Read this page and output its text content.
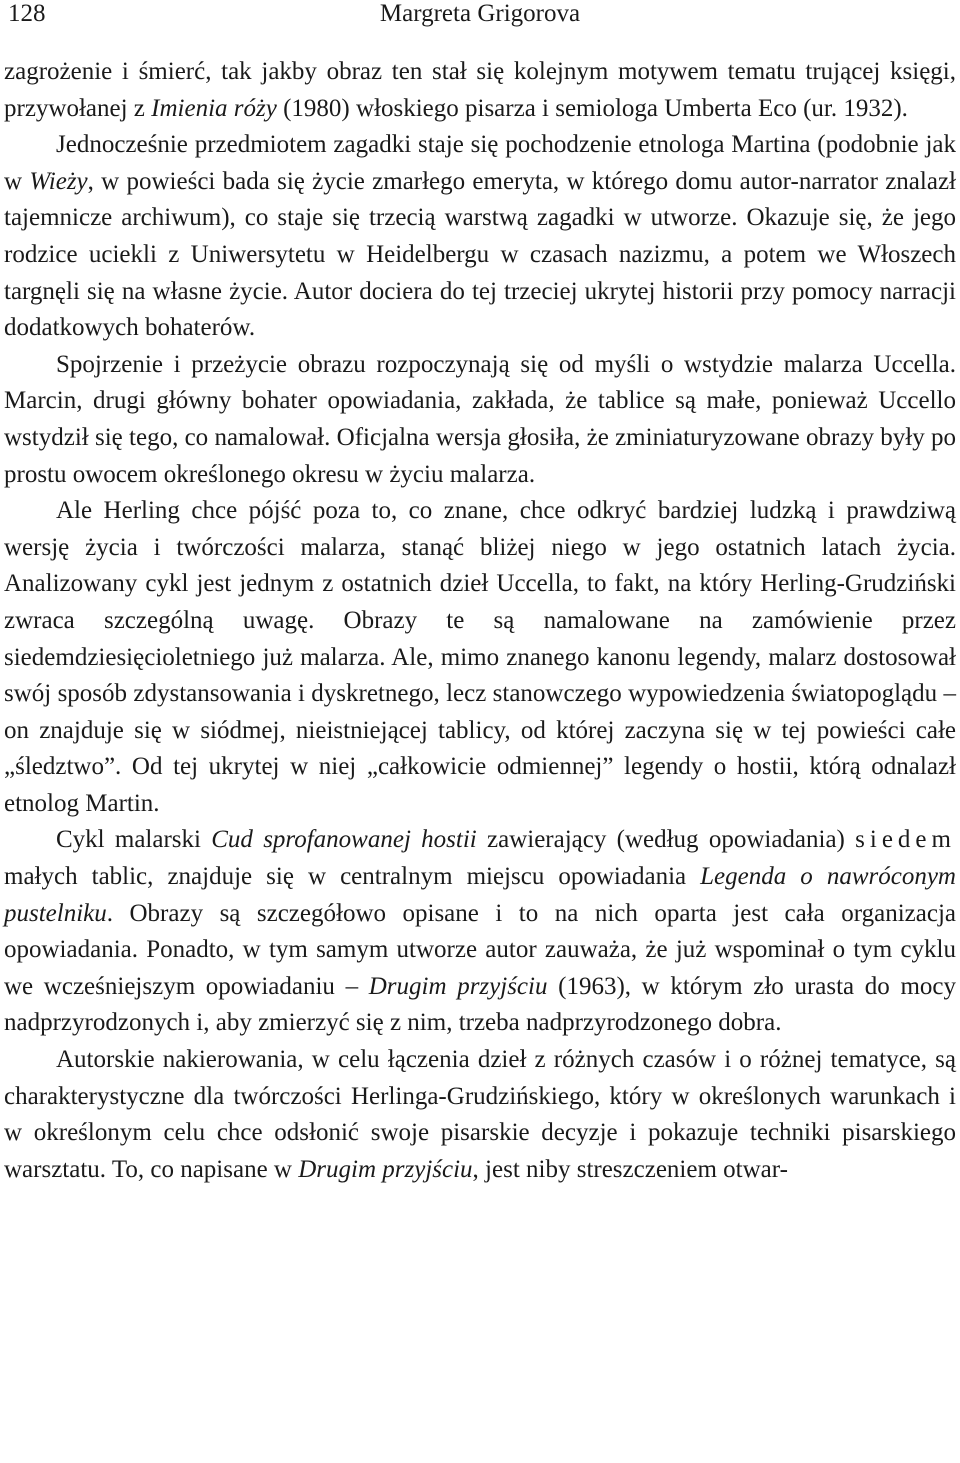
128	Margreta Grigorova

zagrożenie i śmierć, tak jakby obraz ten stał się kolejnym motywem tematu trującej księgi, przywołanej z Imienia róży (1980) włoskiego pisarza i semiologa Umberta Eco (ur. 1932).

Jednocześnie przedmiotem zagadki staje się pochodzenie etnologa Martina (podobnie jak w Wieży, w powieści bada się życie zmarłego emeryta, w którego domu autor-narrator znalazł tajemnicze archiwum), co staje się trzecią warstwą zagadki w utworze. Okazuje się, że jego rodzice uciekli z Uniwersytetu w Heidelbergu w czasach nazizmu, a potem we Włoszech targnęli się na własne życie. Autor dociera do tej trzeciej ukrytej historii przy pomocy narracji dodatkowych bohaterów.

Spojrzenie i przeżycie obrazu rozpoczynają się od myśli o wstydzie malarza Uccella. Marcin, drugi główny bohater opowiadania, zakłada, że tablice są małe, ponieważ Uccello wstydził się tego, co namalował. Oficjalna wersja głosiła, że zminiaturyzowane obrazy były po prostu owocem określonego okresu w życiu malarza.

Ale Herling chce pójść poza to, co znane, chce odkryć bardziej ludzką i prawdziwą wersję życia i twórczości malarza, stanąć bliżej niego w jego ostatnich latach życia. Analizowany cykl jest jednym z ostatnich dzieł Uccella, to fakt, na który Herling-Grudziński zwraca szczególną uwagę. Obrazy te są namalowane na zamówienie przez siedemdziesięcioletniego już malarza. Ale, mimo znanego kanonu legendy, malarz dostosował swój sposób zdystansowania i dyskretnego, lecz stanowczego wypowiedzenia światopoglądu – on znajduje się w siódmej, nieistniejącej tablicy, od której zaczyna się w tej powieści całe „śledztwo”. Od tej ukrytej w niej „całkowicie odmiennej” legendy o hostii, którą odnalazł etnolog Martin.

Cykl malarski Cud sprofanowanej hostii zawierający (według opowiadania) siedem małych tablic, znajduje się w centralnym miejscu opowiadania Legenda o nawróconym pustelniku. Obrazy są szczegółowo opisane i to na nich oparta jest cała organizacja opowiadania. Ponadto, w tym samym utworze autor zauważa, że już wspominał o tym cyklu we wcześniejszym opowiadaniu – Drugim przyjściu (1963), w którym zło urasta do mocy nadprzyrodzonych i, aby zmierzyć się z nim, trzeba nadprzyrodzonego dobra.

Autorskie nakierowania, w celu łączenia dzieł z różnych czasów i o różnej tematyce, są charakterystyczne dla twórczości Herlinga-Grudzińskiego, który w określonych warunkach i w określonym celu chce odsłonić swoje pisarskie decyzje i pokazuje techniki pisarskiego warsztatu. To, co napisane w Drugim przyjściu, jest niby streszczeniem otwar-
